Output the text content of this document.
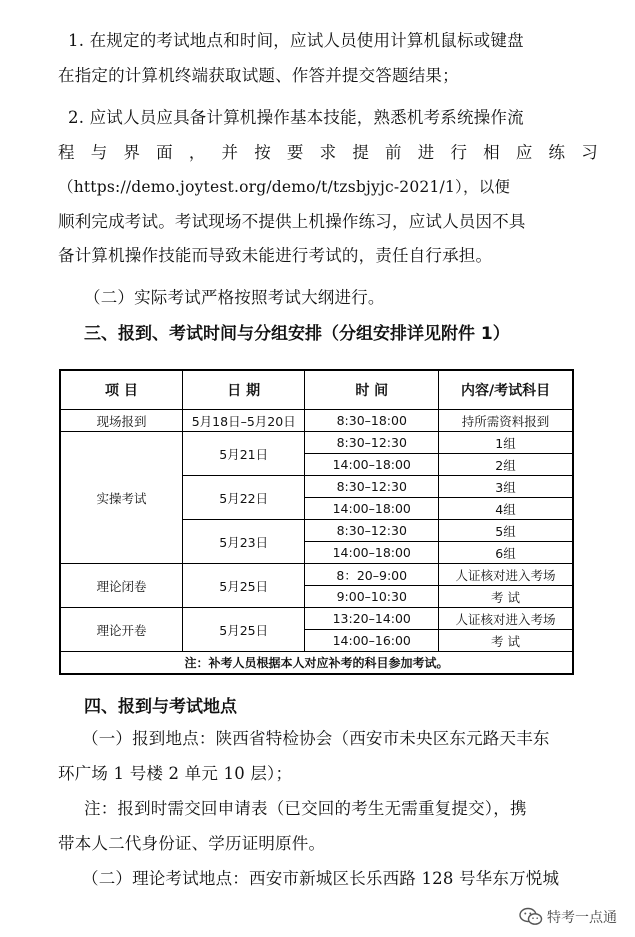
1. 在规定的考试地点和时间，应试人员使用计算机鼠标或键盘
在指定的计算机终端获取试题、作答并提交答题结果；
2. 应试人员应具备计算机操作基本技能，熟悉机考系统操作流
程 与 界 面 ， 并 按 要 求 提 前 进 行 相 应 练 习
（https://demo.joytest.org/demo/t/tzsbjyjc-2021/1），以便
顺利完成考试。考试现场不提供上机操作练习，应试人员因不具
备计算机操作技能而导致未能进行考试的，责任自行承担。
（二）实际考试严格按照考试大纲进行。
三、报到、考试时间与分组安排（分组安排详见附件 1）
项 目	日 期	时 间	内容/考试科目
现场报到	5月18日–5月20日	8:30–18:00	持所需资料报到
实操考试	5月21日	8:30–12:30	1组
		14:00–18:00	2组
	5月22日	8:30–12:30	3组
		14:00–18:00	4组
	5月23日	8:30–12:30	5组
		14:00–18:00	6组
理论闭卷	5月25日	8：20–9:00	人证核对进入考场
		9:00–10:30	考 试
理论开卷	5月25日	13:20–14:00	人证核对进入考场
		14:00–16:00	考 试
注：补考人员根据本人对应补考的科目参加考试。			
四、报到与考试地点
（一）报到地点：陕西省特检协会（西安市未央区东元路天丰东
环广场 1 号楼 2 单元 10 层）；
注：报到时需交回申请表（已交回的考生无需重复提交），携
带本人二代身份证、学历证明原件。
（二）理论考试地点：西安市新城区长乐西路 128 号华东万悦城
特考一点通
